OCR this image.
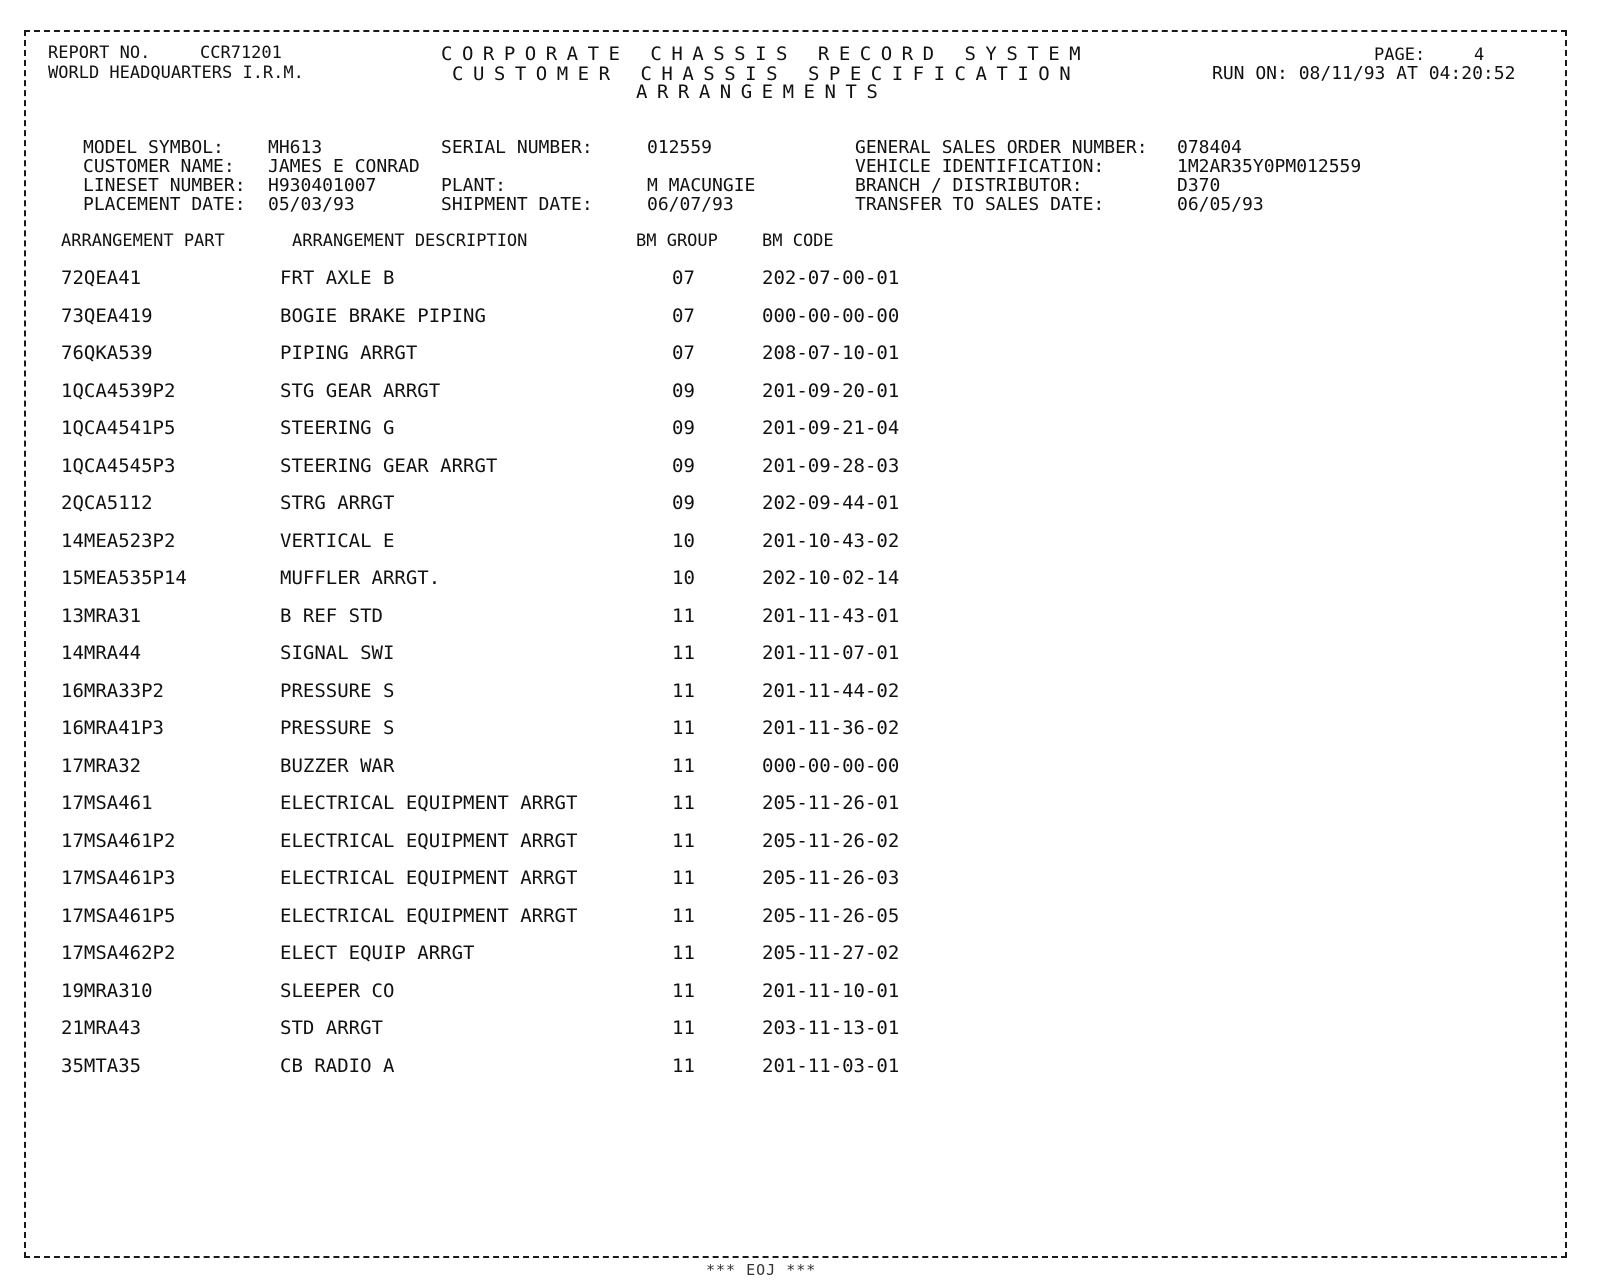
REPORT NO.	CCR71201
WORLD HEADQUARTERS I.R.M.
CORPORATE CHASSIS RECORD SYSTEM
CUSTOMER CHASSIS SPECIFICATION
ARRANGEMENTS
PAGE:	4
RUN ON: 08/11/93 AT 04:20:52
MODEL SYMBOL: MH613
CUSTOMER NAME: JAMES E CONRAD
LINESET NUMBER: H930401007
PLACEMENT DATE: 05/03/93
SERIAL NUMBER:	012559
PLANT:	M MACUNGIE
SHIPMENT DATE:	06/07/93
GENERAL SALES ORDER NUMBER: 078404
VEHICLE IDENTIFICATION:	1M2AR35Y0PM012559
BRANCH / DISTRIBUTOR:	D370
TRANSFER TO SALES DATE:	06/05/93
ARRANGEMENT PART	ARRANGEMENT DESCRIPTION	BM GROUP	BM CODE
72QEA41	FRT AXLE B	07	202-07-00-01
73QEA419	BOGIE BRAKE PIPING	07	000-00-00-00
76QKA539	PIPING ARRGT	07	208-07-10-01
1QCA4539P2	STG GEAR ARRGT	09	201-09-20-01
1QCA4541P5	STEERING G	09	201-09-21-04
1QCA4545P3	STEERING GEAR ARRGT	09	201-09-28-03
2QCA5112	STRG ARRGT	09	202-09-44-01
14MEA523P2	VERTICAL E	10	201-10-43-02
15MEA535P14	MUFFLER ARRGT.	10	202-10-02-14
13MRA31	B REF STD	11	201-11-43-01
14MRA44	SIGNAL SWI	11	201-11-07-01
16MRA33P2	PRESSURE S	11	201-11-44-02
16MRA41P3	PRESSURE S	11	201-11-36-02
17MRA32	BUZZER WAR	11	000-00-00-00
17MSA461	ELECTRICAL EQUIPMENT ARRGT	11	205-11-26-01
17MSA461P2	ELECTRICAL EQUIPMENT ARRGT	11	205-11-26-02
17MSA461P3	ELECTRICAL EQUIPMENT ARRGT	11	205-11-26-03
17MSA461P5	ELECTRICAL EQUIPMENT ARRGT	11	205-11-26-05
17MSA462P2	ELECT EQUIP ARRGT	11	205-11-27-02
19MRA310	SLEEPER CO	11	201-11-10-01
21MRA43	STD ARRGT	11	203-11-13-01
35MTA35	CB RADIO A	11	201-11-03-01
*** EOJ ***
